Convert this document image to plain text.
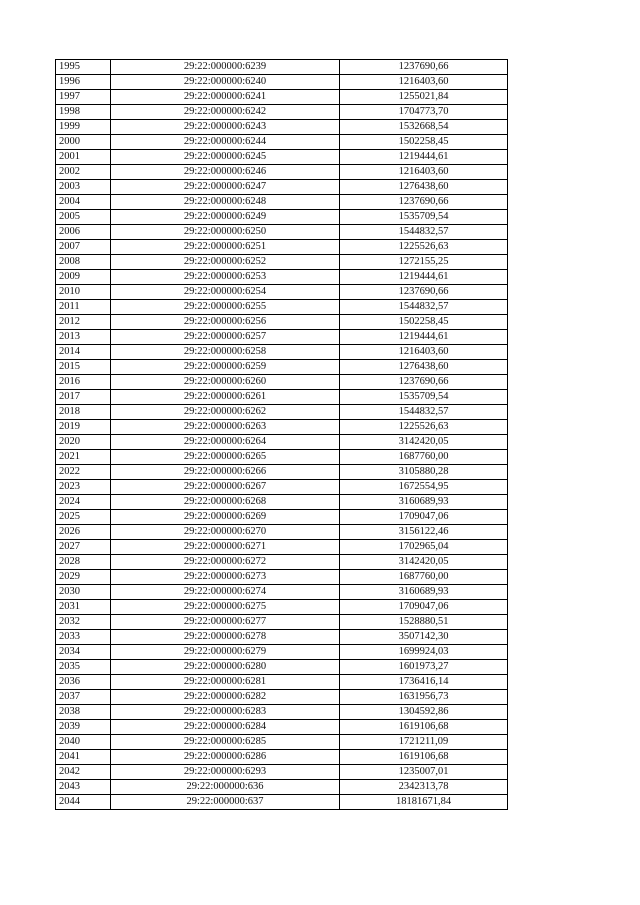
1995	29:22:000000:6239	1237690,66
1996	29:22:000000:6240	1216403,60
1997	29:22:000000:6241	1255021,84
1998	29:22:000000:6242	1704773,70
1999	29:22:000000:6243	1532668,54
2000	29:22:000000:6244	1502258,45
2001	29:22:000000:6245	1219444,61
2002	29:22:000000:6246	1216403,60
2003	29:22:000000:6247	1276438,60
2004	29:22:000000:6248	1237690,66
2005	29:22:000000:6249	1535709,54
2006	29:22:000000:6250	1544832,57
2007	29:22:000000:6251	1225526,63
2008	29:22:000000:6252	1272155,25
2009	29:22:000000:6253	1219444,61
2010	29:22:000000:6254	1237690,66
2011	29:22:000000:6255	1544832,57
2012	29:22:000000:6256	1502258,45
2013	29:22:000000:6257	1219444,61
2014	29:22:000000:6258	1216403,60
2015	29:22:000000:6259	1276438,60
2016	29:22:000000:6260	1237690,66
2017	29:22:000000:6261	1535709,54
2018	29:22:000000:6262	1544832,57
2019	29:22:000000:6263	1225526,63
2020	29:22:000000:6264	3142420,05
2021	29:22:000000:6265	1687760,00
2022	29:22:000000:6266	3105880,28
2023	29:22:000000:6267	1672554,95
2024	29:22:000000:6268	3160689,93
2025	29:22:000000:6269	1709047,06
2026	29:22:000000:6270	3156122,46
2027	29:22:000000:6271	1702965,04
2028	29:22:000000:6272	3142420,05
2029	29:22:000000:6273	1687760,00
2030	29:22:000000:6274	3160689,93
2031	29:22:000000:6275	1709047,06
2032	29:22:000000:6277	1528880,51
2033	29:22:000000:6278	3507142,30
2034	29:22:000000:6279	1699924,03
2035	29:22:000000:6280	1601973,27
2036	29:22:000000:6281	1736416,14
2037	29:22:000000:6282	1631956,73
2038	29:22:000000:6283	1304592,86
2039	29:22:000000:6284	1619106,68
2040	29:22:000000:6285	1721211,09
2041	29:22:000000:6286	1619106,68
2042	29:22:000000:6293	1235007,01
2043	29:22:000000:636	2342313,78
2044	29:22:000000:637	18181671,84
